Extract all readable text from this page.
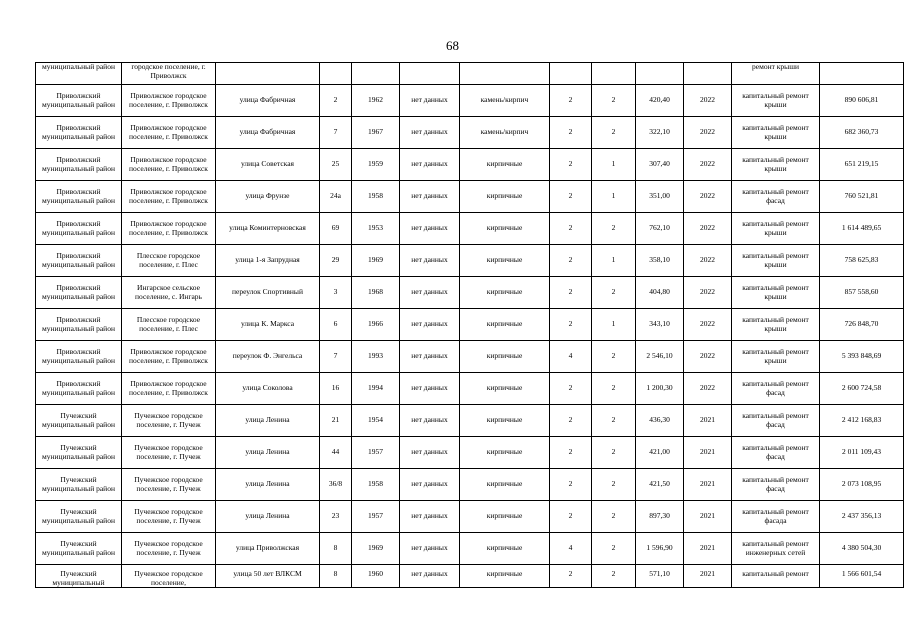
68
муниципальный район	городское поселение, г. Приволжск										ремонт крыши	
Приволжский муниципальный район	Приволжское городское поселение, г. Приволжск	улица Фабричная	2	1962	нет данных	камень/кирпич	2	2	420,40	2022	капитальный ремонт крыши	890 606,81
Приволжский муниципальный район	Приволжское городское поселение, г. Приволжск	улица Фабричная	7	1967	нет данных	камень/кирпич	2	2	322,10	2022	капитальный ремонт крыши	682 360,73
Приволжский муниципальный район	Приволжское городское поселение, г. Приволжск	улица Советская	25	1959	нет данных	кирпичные	2	1	307,40	2022	капитальный ремонт крыши	651 219,15
Приволжский муниципальный район	Приволжское городское поселение, г. Приволжск	улица Фрунзе	24а	1958	нет данных	кирпичные	2	1	351,00	2022	капитальный ремонт фасад	760 521,81
Приволжский муниципальный район	Приволжское городское поселение, г. Приволжск	улица Коминтерновская	69	1953	нет данных	кирпичные	2	2	762,10	2022	капитальный ремонт крыши	1 614 489,65
Приволжский муниципальный район	Плесское городское поселение, г. Плес	улица 1-я Запрудная	29	1969	нет данных	кирпичные	2	1	358,10	2022	капитальный ремонт крыши	758 625,83
Приволжский муниципальный район	Ингарское сельское поселение, с. Ингарь	переулок Спортивный	3	1968	нет данных	кирпичные	2	2	404,80	2022	капитальный ремонт крыши	857 558,60
Приволжский муниципальный район	Плесское городское поселение, г. Плес	улица К. Маркса	6	1966	нет данных	кирпичные	2	1	343,10	2022	капитальный ремонт крыши	726 848,70
Приволжский муниципальный район	Приволжское городское поселение, г. Приволжск	переулок Ф. Энгельса	7	1993	нет данных	кирпичные	4	2	2 546,10	2022	капитальный ремонт крыши	5 393 848,69
Приволжский муниципальный район	Приволжское городское поселение, г. Приволжск	улица Соколова	16	1994	нет данных	кирпичные	2	2	1 200,30	2022	капитальный ремонт фасад	2 600 724,58
Пучежский муниципальный район	Пучежское городское поселение, г. Пучеж	улица Ленина	21	1954	нет данных	кирпичные	2	2	436,30	2021	капитальный ремонт фасад	2 412 168,83
Пучежский муниципальный район	Пучежское городское поселение, г. Пучеж	улица Ленина	44	1957	нет данных	кирпичные	2	2	421,00	2021	капитальный ремонт фасад	2 011 109,43
Пучежский муниципальный район	Пучежское городское поселение, г. Пучеж	улица Ленина	36/8	1958	нет данных	кирпичные	2	2	421,50	2021	капитальный ремонт фасад	2 073 108,95
Пучежский муниципальный район	Пучежское городское поселение, г. Пучеж	улица Ленина	23	1957	нет данных	кирпичные	2	2	897,30	2021	капитальный ремонт фасада	2 437 356,13
Пучежский муниципальный район	Пучежское городское поселение, г. Пучеж	улица Приволжская	8	1969	нет данных	кирпичные	4	2	1 596,90	2021	капитальный ремонт инженерных сетей	4 380 504,30
Пучежский муниципальный	Пучежское городское поселение,	улица 50 лет ВЛКСМ	8	1960	нет данных	кирпичные	2	2	571,10	2021	капитальный ремонт	1 566 601,54
